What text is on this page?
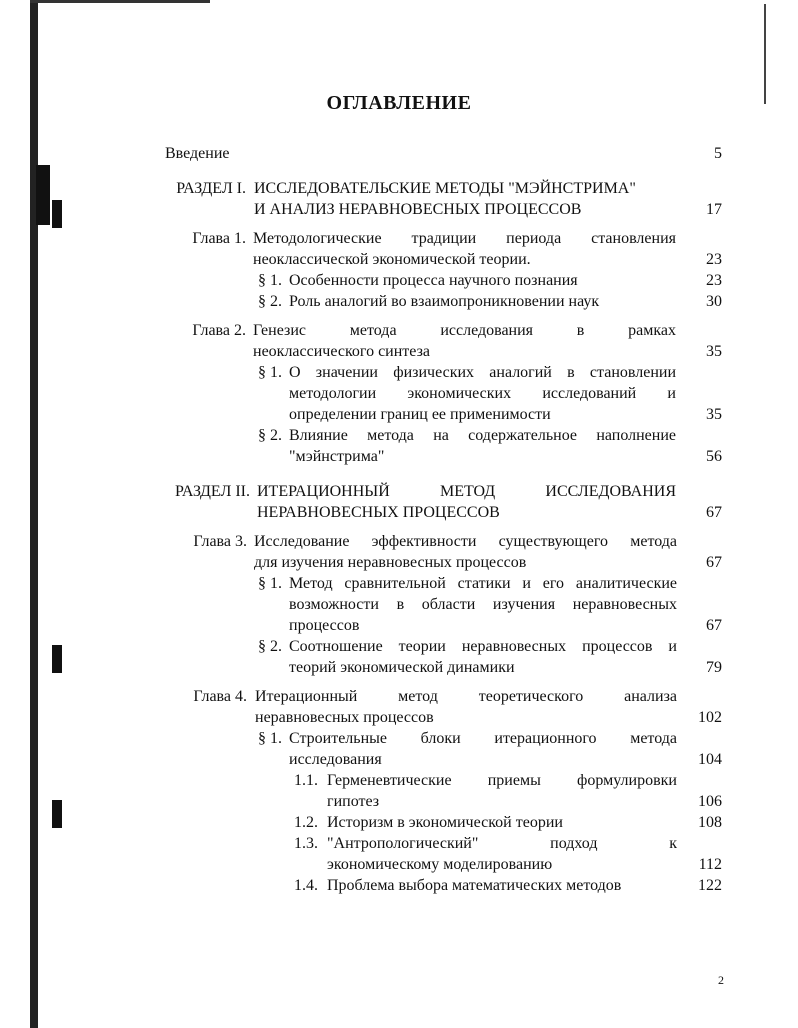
ОГЛАВЛЕНИЕ
Введение	5
РАЗДЕЛ I. ИССЛЕДОВАТЕЛЬСКИЕ МЕТОДЫ "МЭЙНСТРИМА"
И АНАЛИЗ НЕРАВНОВЕСНЫХ ПРОЦЕССОВ	17
Глава 1. Методологические традиции периода становления
неоклассической экономической теории.	23
§ 1. Особенности процесса научного познания	23
§ 2. Роль аналогий во взаимопроникновении наук	30
Глава 2. Генезис метода исследования в рамках
неоклассического синтеза	35
§ 1. О значении физических аналогий в становлении
методологии экономических исследований и
определении границ ее применимости	35
§ 2. Влияние метода на содержательное наполнение
"мэйнстрима"	56
РАЗДЕЛ II. ИТЕРАЦИОННЫЙ МЕТОД ИССЛЕДОВАНИЯ
НЕРАВНОВЕСНЫХ ПРОЦЕССОВ	67
Глава 3. Исследование эффективности существующего метода
для изучения неравновесных процессов	67
§ 1. Метод сравнительной статики и его аналитические
возможности в области изучения неравновесных
процессов	67
§ 2. Соотношение теории неравновесных процессов и
теорий экономической динамики	79
Глава 4. Итерационный метод теоретического анализа
неравновесных процессов	102
§ 1. Строительные блоки итерационного метода
исследования	104
1.1. Герменевтические приемы формулировки
гипотез	106
1.2. Историзм в экономической теории	108
1.3. "Антропологический" подход к
экономическому моделированию	112
1.4. Проблема выбора математических методов	122
2
